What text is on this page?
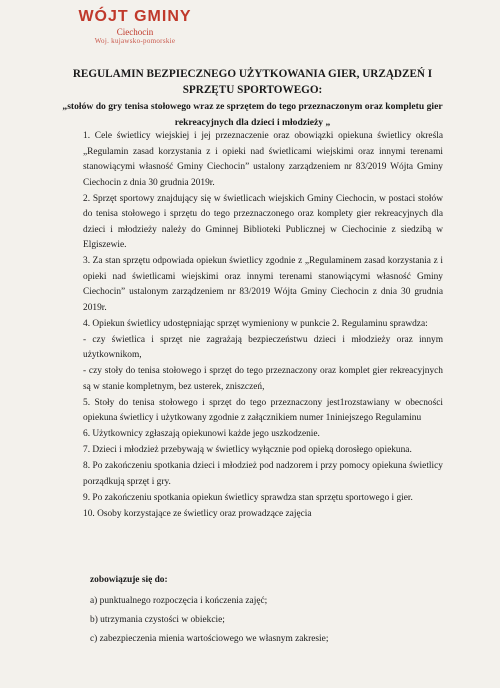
WÓJT GMINY
Ciechocin
Woj. kujawsko-pomorskie
REGULAMIN BEZPIECZNEGO UŻYTKOWANIA GIER, URZĄDZEŃ I SPRZĘTU SPORTOWEGO:
„stołów do gry tenisa stołowego wraz ze sprzętem do tego przeznaczonym oraz kompletu gier rekreacyjnych dla dzieci i młodzieży „

1. Cele świetlicy wiejskiej i jej przeznaczenie oraz obowiązki opiekuna świetlicy określa „Regulamin zasad korzystania z i opieki nad świetlicami wiejskimi oraz innymi terenami stanowiącymi własność Gminy Ciechocin” ustalony zarządzeniem nr 83/2019 Wójta Gminy Ciechocin z dnia 30 grudnia 2019r.

2. Sprzęt sportowy znajdujący się w świetlicach wiejskich Gminy Ciechocin, w postaci stołów do tenisa stołowego i sprzętu do tego przeznaczonego oraz komplety gier rekreacyjnych dla dzieci i młodzieży należy do Gminnej Biblioteki Publicznej w Ciechocinie z siedzibą w Elgiszewie.

3. Za stan sprzętu odpowiada opiekun świetlicy zgodnie z „Regulaminem zasad korzystania z i opieki nad świetlicami wiejskimi oraz innymi terenami stanowiącymi własność Gminy Ciechocin” ustalonym zarządzeniem nr 83/2019 Wójta Gminy Ciechocin z dnia 30 grudnia 2019r.

4. Opiekun świetlicy udostępniając sprzęt wymieniony w punkcie 2. Regulaminu sprawdza:

- czy świetlica i sprzęt nie zagrażają bezpieczeństwu dzieci i młodzieży oraz innym użytkownikom,

- czy stoły do tenisa stołowego i sprzęt do tego przeznaczony oraz komplet gier rekreacyjnych są w stanie kompletnym, bez usterek, zniszczeń,

5. Stoły do tenisa stołowego i sprzęt do tego przeznaczony jest1rozstawiany w obecności opiekuna świetlicy i użytkowany zgodnie z załącznikiem numer 1niniejszego Regulaminu

6. Użytkownicy zgłaszają opiekunowi każde jego uszkodzenie.

7. Dzieci i młodzież przebywają w świetlicy wyłącznie pod opieką dorosłego opiekuna.

8. Po zakończeniu spotkania dzieci i młodzież pod nadzorem i przy pomocy opiekuna świetlicy porządkują sprzęt i gry.

9. Po zakończeniu spotkania opiekun świetlicy sprawdza stan sprzętu sportowego i gier.

10. Osoby korzystające ze świetlicy oraz prowadzące zajęcia

zobowiązuje się do:

a) punktualnego rozpoczęcia i kończenia zajęć;

b) utrzymania czystości w obiekcie;

c) zabezpieczenia mienia wartościowego we własnym zakresie;
